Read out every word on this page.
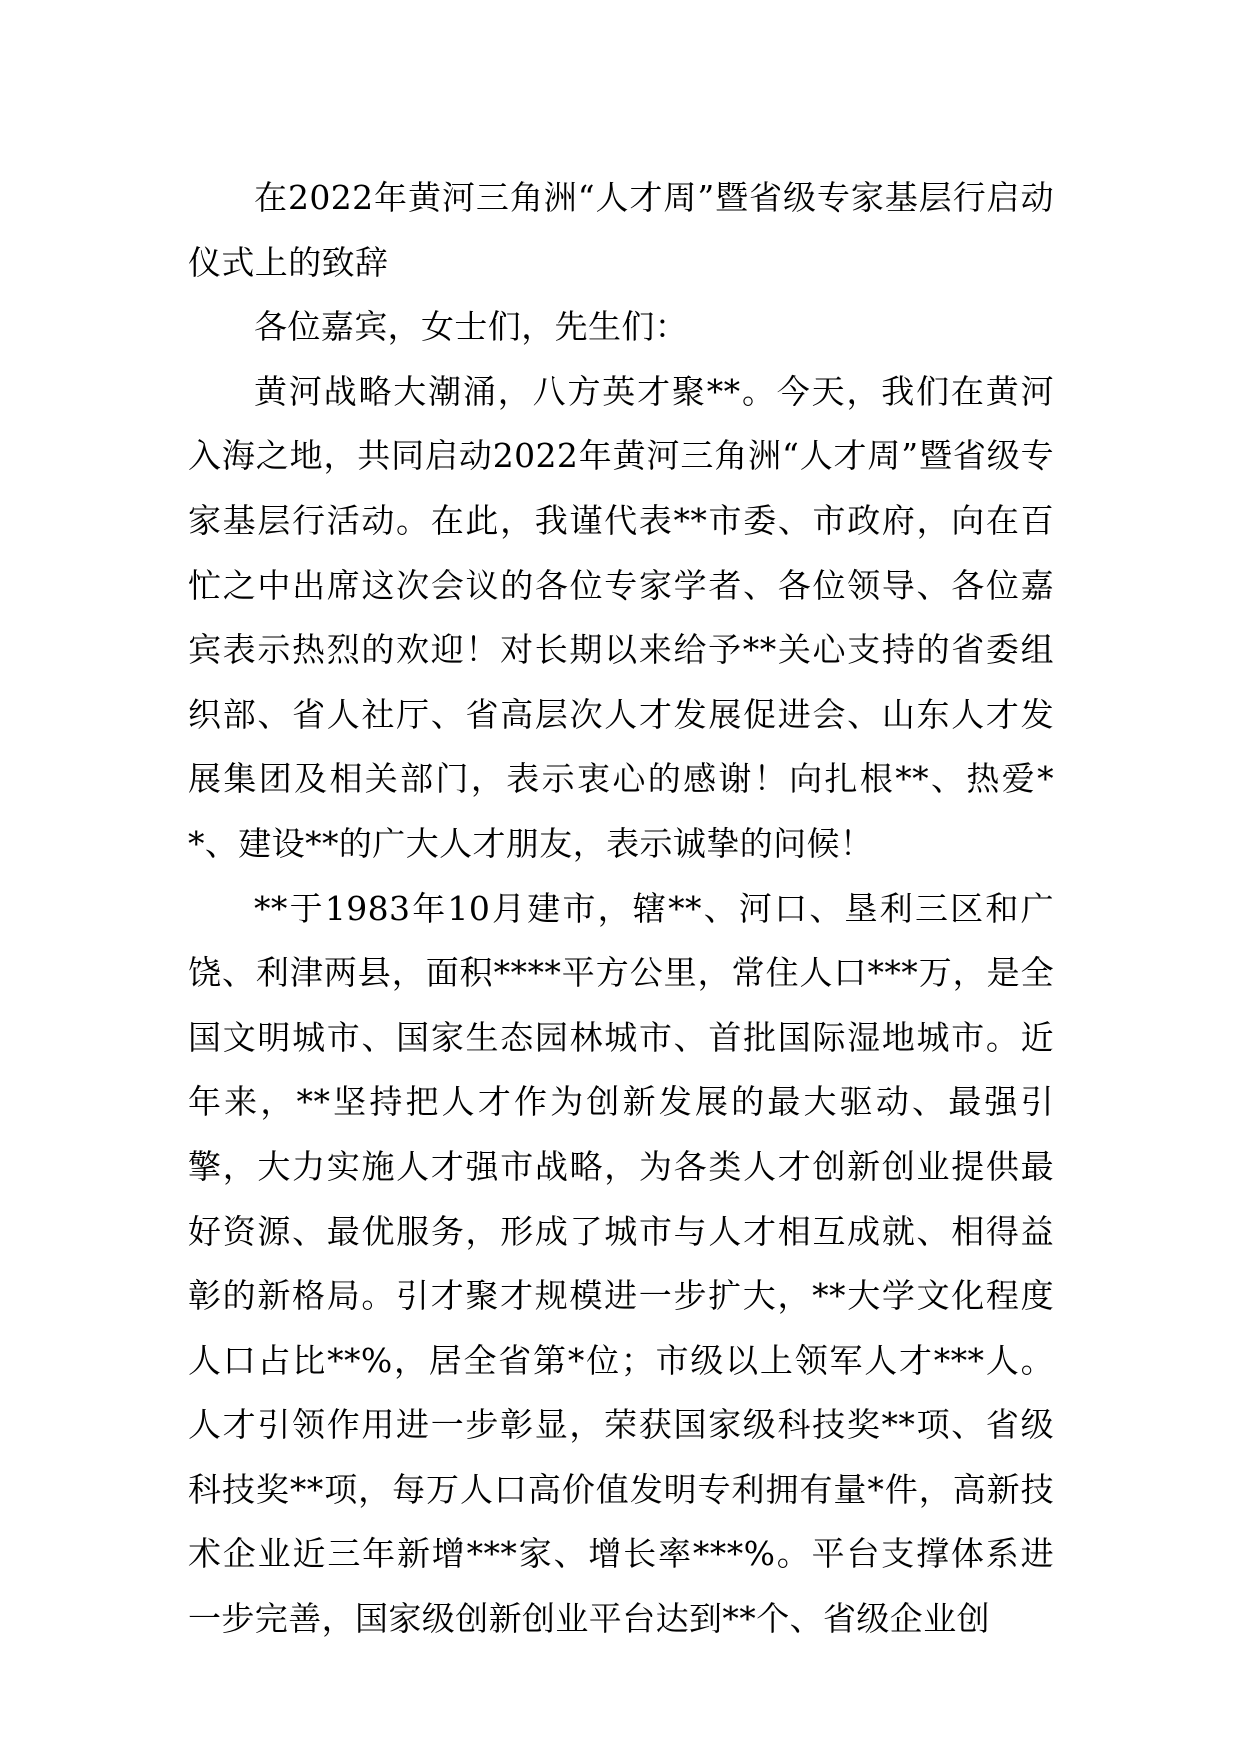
在2022年黄河三角洲“人才周”暨省级专家基层行启动仪式上的致辞

各位嘉宾，女士们，先生们：

黄河战略大潮涌，八方英才聚**。今天，我们在黄河入海之地，共同启动2022年黄河三角洲“人才周”暨省级专家基层行活动。在此，我谨代表**市委、市政府，向在百忙之中出席这次会议的各位专家学者、各位领导、各位嘉宾表示热烈的欢迎！对长期以来给予**关心支持的省委组织部、省人社厅、省高层次人才发展促进会、山东人才发展集团及相关部门，表示衷心的感谢！向扎根**、热爱**、建设**的广大人才朋友，表示诚挚的问候！

**于1983年10月建市，辖**、河口、垦利三区和广饶、利津两县，面积****平方公里，常住人口***万，是全国文明城市、国家生态园林城市、首批国际湿地城市。近年来，**坚持把人才作为创新发展的最大驱动、最强引擎，大力实施人才强市战略，为各类人才创新创业提供最好资源、最优服务，形成了城市与人才相互成就、相得益彰的新格局。引才聚才规模进一步扩大，**大学文化程度人口占比**%，居全省第*位；市级以上领军人才***人。人才引领作用进一步彰显，荣获国家级科技奖**项、省级科技奖**项，每万人口高价值发明专利拥有量*件，高新技术企业近三年新增***家、增长率***%。平台支撑体系进一步完善，国家级创新创业平台达到**个、省级企业创
